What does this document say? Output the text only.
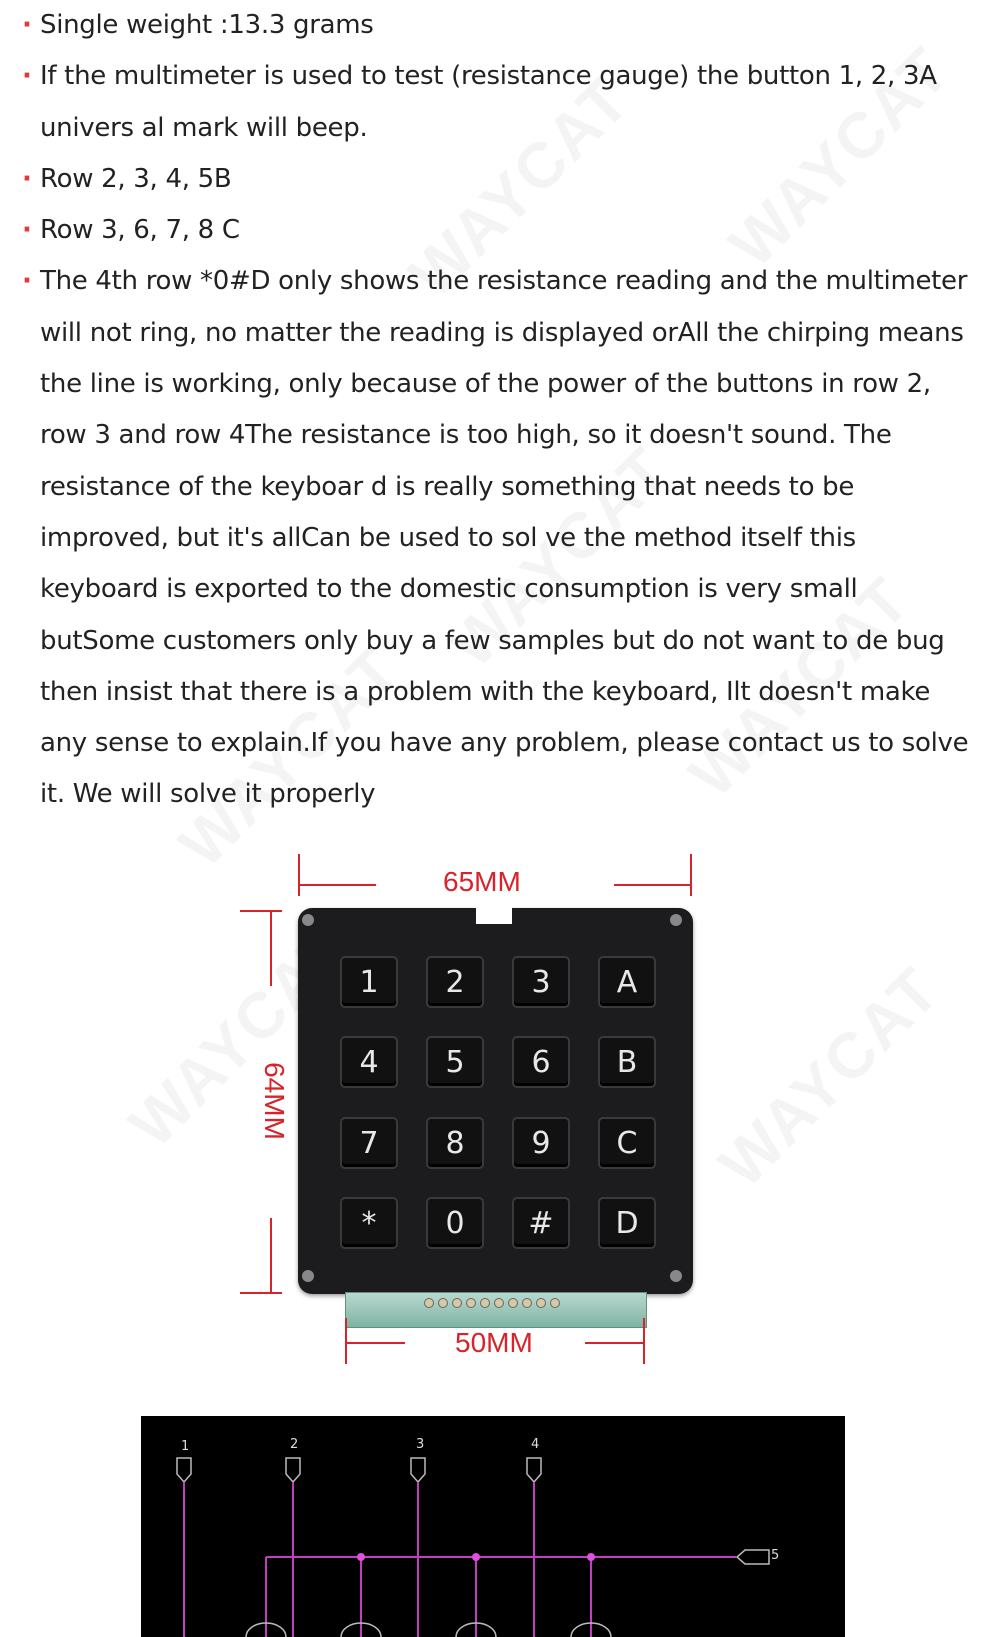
· Single weight :13.3 grams
· If the multimeter is used to test (resistance gauge) the button 1, 2, 3A univers al mark will beep.
· Row 2, 3, 4, 5B
· Row 3, 6, 7, 8 C
· The 4th row *0#D only shows the resistance reading and the multimeter will not ring, no matter the reading is displayed orAll the chirping means the line is working, only because of the power of the buttons in row 2, row 3 and row 4The resistance is too high, so it doesn't sound. The resistance of the keyboar d is really something that needs to be improved, but it's allCan be used to sol ve the method itself this keyboard is exported to the domestic consumption is very small butSome customers only buy a few samples but do not want to de bug then insist that there is a problem with the keyboard, Ilt doesn't make any sense to explain.If you have any problem, please contact us to solve it. We will solve it properly
65MM
64MM
1	2	3	A
4	5	6	B
7	8	9	C
*	0	#	D
50MM
1	2	3	4
5
